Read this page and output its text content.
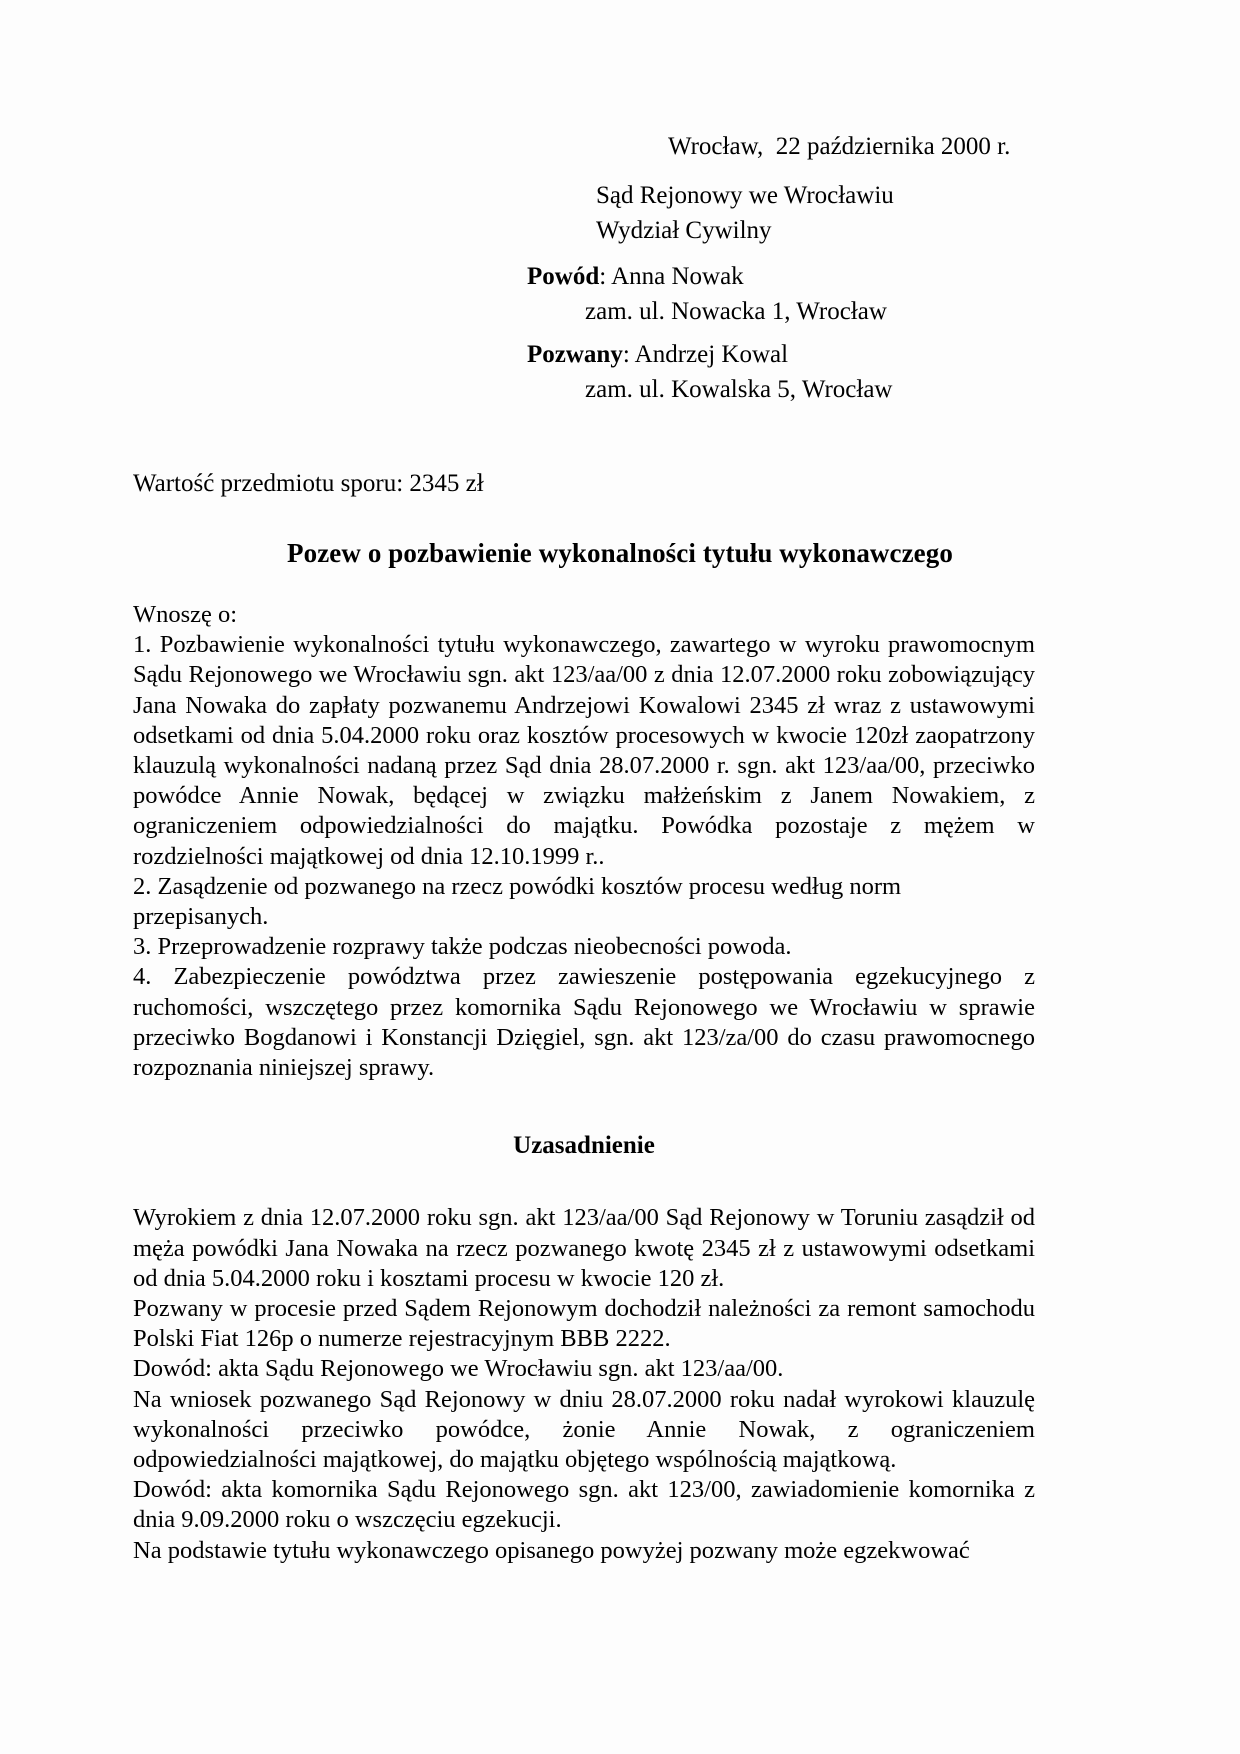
Wrocław,  22 października 2000 r.
Sąd Rejonowy we Wrocławiu
Wydział Cywilny
Powód: Anna Nowak
zam. ul. Nowacka 1, Wrocław
Pozwany: Andrzej Kowal
zam. ul. Kowalska 5, Wrocław
Wartość przedmiotu sporu: 2345 zł
Pozew o pozbawienie wykonalności tytułu wykonawczego

Wnoszę o:

1. Pozbawienie wykonalności tytułu wykonawczego, zawartego w wyroku prawomocnym Sądu Rejonowego we Wrocławiu sgn. akt 123/aa/00 z dnia 12.07.2000 roku zobowiązujący Jana Nowaka do zapłaty pozwanemu Andrzejowi Kowalowi 2345 zł wraz z ustawowymi odsetkami od dnia 5.04.2000 roku oraz kosztów procesowych w kwocie 120zł zaopatrzony klauzulą wykonalności nadaną przez Sąd dnia 28.07.2000 r. sgn. akt 123/aa/00, przeciwko powódce Annie Nowak, będącej w związku małżeńskim z Janem Nowakiem, z ograniczeniem odpowiedzialności do majątku. Powódka pozostaje z mężem w rozdzielności majątkowej od dnia 12.10.1999 r..

2. Zasądzenie od pozwanego na rzecz powódki kosztów procesu według norm przepisanych.

3. Przeprowadzenie rozprawy także podczas nieobecności powoda.

4. Zabezpieczenie powództwa przez zawieszenie postępowania egzekucyjnego z ruchomości, wszczętego przez komornika Sądu Rejonowego we Wrocławiu w sprawie przeciwko Bogdanowi i Konstancji Dzięgiel, sgn. akt 123/za/00 do czasu prawomocnego rozpoznania niniejszej sprawy.

Uzasadnienie

Wyrokiem z dnia 12.07.2000 roku sgn. akt 123/aa/00 Sąd Rejonowy w Toruniu zasądził od męża powódki Jana Nowaka na rzecz pozwanego kwotę 2345 zł z ustawowymi odsetkami od dnia 5.04.2000 roku i kosztami procesu w kwocie 120 zł.

Pozwany w procesie przed Sądem Rejonowym dochodził należności za remont samochodu Polski Fiat 126p o numerze rejestracyjnym BBB 2222.

Dowód: akta Sądu Rejonowego we Wrocławiu sgn. akt 123/aa/00.

Na wniosek pozwanego Sąd Rejonowy w dniu 28.07.2000 roku nadał wyrokowi klauzulę wykonalności przeciwko powódce, żonie Annie Nowak, z ograniczeniem odpowiedzialności majątkowej, do majątku objętego wspólnością majątkową.

Dowód: akta komornika Sądu Rejonowego sgn. akt 123/00, zawiadomienie komornika z dnia 9.09.2000 roku o wszczęciu egzekucji.

Na podstawie tytułu wykonawczego opisanego powyżej pozwany może egzekwować
